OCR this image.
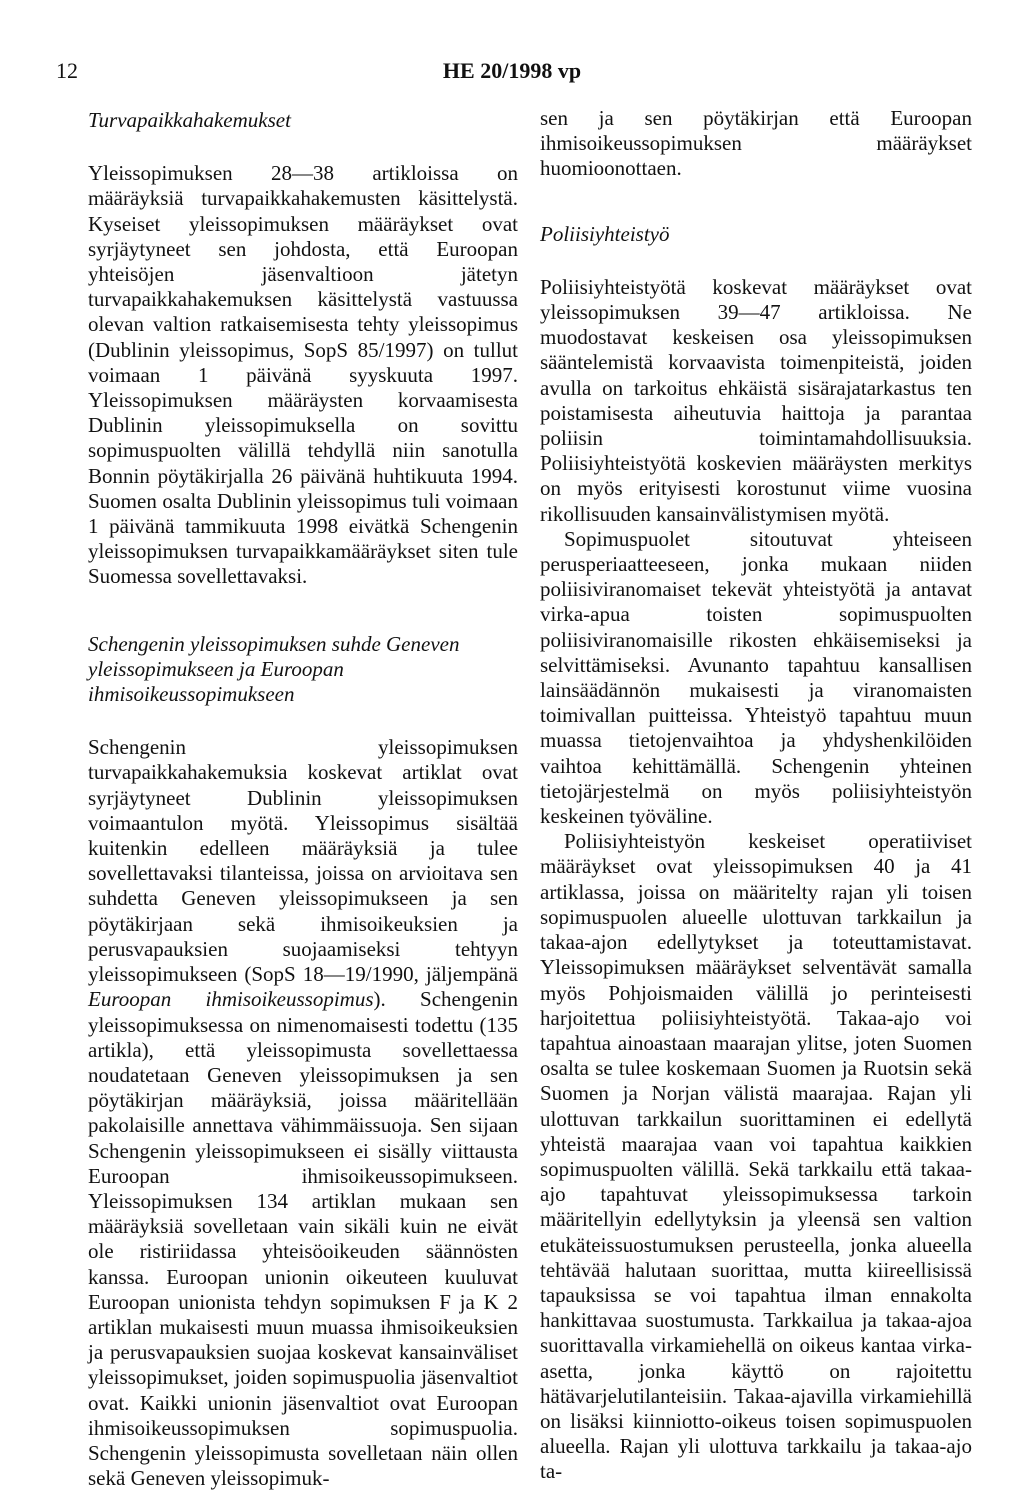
12	HE 20/1998 vp
Turvapaikkahakemukset

Yleissopimuksen 28—38 artikloissa on määräyksiä turvapaikkahakemusten käsittelystä. Kyseiset yleissopimuksen määräykset ovat syrjäytyneet sen johdosta, että Euroopan yhteisöjen jäsenvaltioon jätetyn turvapaikkahakemuksen käsittelystä vastuussa olevan valtion ratkaisemisesta tehty yleissopimus (Dublinin yleissopimus, SopS 85/1997) on tullut voimaan 1 päivänä syyskuuta 1997. Yleissopimuksen määräysten korvaamisesta Dublinin yleissopimuksella on sovittu sopimuspuolten välillä tehdyllä niin sanotulla Bonnin pöytäkirjalla 26 päivänä huhtikuuta 1994. Suomen osalta Dublinin yleissopimus tuli voimaan 1 päivänä tammikuuta 1998 eivätkä Schengenin yleissopimuksen turvapaikkamääräykset siten tule Suomessa sovellettavaksi.

Schengenin yleissopimuksen suhde Geneven yleissopimukseen ja Euroopan ihmisoikeussopimukseen

Schengenin yleissopimuksen turvapaikkahakemuksia koskevat artiklat ovat syrjäytyneet Dublinin yleissopimuksen voimaantulon myötä. Yleissopimus sisältää kuitenkin edelleen määräyksiä ja tulee sovellettavaksi tilanteissa, joissa on arvioitava sen suhdetta Geneven yleissopimukseen ja sen pöytäkirjaan sekä ihmisoikeuksien ja perusvapauksien suojaamiseksi tehtyyn yleissopimukseen (SopS 18—19/1990, jäljempänä Euroopan ihmisoikeussopimus). Schengenin yleissopimuksessa on nimenomaisesti todettu (135 artikla), että yleissopimusta sovellettaessa noudatetaan Geneven yleissopimuksen ja sen pöytäkirjan määräyksiä, joissa määritellään pakolaisille annettava vähimmäissuoja. Sen sijaan Schengenin yleissopimukseen ei sisälly viittausta Euroopan ihmisoikeussopimukseen. Yleissopimuksen 134 artiklan mukaan sen määräyksiä sovelletaan vain sikäli kuin ne eivät ole ristiriidassa yhteisöoikeuden säännösten kanssa. Euroopan unionin oikeuteen kuuluvat Euroopan unionista tehdyn sopimuksen F ja K 2 artiklan mukaisesti muun muassa ihmisoikeuksien ja perusvapauksien suojaa koskevat kansainväliset yleissopimukset, joiden sopimuspuolia jäsenvaltiot ovat. Kaikki unionin jäsenvaltiot ovat Euroopan ihmisoikeussopimuksen sopimuspuolia. Schengenin yleissopimusta sovelletaan näin ollen sekä Geneven yleissopimuk-

sen ja sen pöytäkirjan että Euroopan ihmisoikeussopimuksen määräykset huomioonottaen.

Poliisiyhteistyö

Poliisiyhteistyötä koskevat määräykset ovat yleissopimuksen 39—47 artikloissa. Ne muodostavat keskeisen osa yleissopimuksen sääntelemistä korvaavista toimenpiteistä, joiden avulla on tarkoitus ehkäistä sisärajatarkastus ten poistamisesta aiheutuvia haittoja ja parantaa poliisin toimintamahdollisuuksia. Poliisiyhteistyötä koskevien määräysten merkitys on myös erityisesti korostunut viime vuosina rikollisuuden kansainvälistymisen myötä.

Sopimuspuolet sitoutuvat yhteiseen perusperiaatteeseen, jonka mukaan niiden poliisiviranomaiset tekevät yhteistyötä ja antavat virka-apua toisten sopimuspuolten poliisiviranomaisille rikosten ehkäisemiseksi ja selvittämiseksi. Avunanto tapahtuu kansallisen lainsäädännön mukaisesti ja viranomaisten toimivallan puitteissa. Yhteistyö tapahtuu muun muassa tietojenvaihtoa ja yhdyshenkilöiden vaihtoa kehittämällä. Schengenin yhteinen tietojärjestelmä on myös poliisiyhteistyön keskeinen työväline.

Poliisiyhteistyön keskeiset operatiiviset määräykset ovat yleissopimuksen 40 ja 41 artiklassa, joissa on määritelty rajan yli toisen sopimuspuolen alueelle ulottuvan tarkkailun ja takaa-ajon edellytykset ja toteuttamistavat. Yleissopimuksen määräykset selventävät samalla myös Pohjoismaiden välillä jo perinteisesti harjoitettua poliisiyhteistyötä. Takaa-ajo voi tapahtua ainoastaan maarajan ylitse, joten Suomen osalta se tulee koskemaan Suomen ja Ruotsin sekä Suomen ja Norjan välistä maarajaa. Rajan yli ulottuvan tarkkailun suorittaminen ei edellytä yhteistä maarajaa vaan voi tapahtua kaikkien sopimuspuolten välillä. Sekä tarkkailu että takaa-ajo tapahtuvat yleissopimuksessa tarkoin määritellyin edellytyksin ja yleensä sen valtion etukäteissuostumuksen perusteella, jonka alueella tehtävää halutaan suorittaa, mutta kiireellisissä tapauksissa se voi tapahtua ilman ennakolta hankittavaa suostumusta. Tarkkailua ja takaa-ajoa suorittavalla virkamiehellä on oikeus kantaa virka-asetta, jonka käyttö on rajoitettu hätävarjelutilanteisiin. Takaa-ajavilla virkamiehillä on lisäksi kiinniotto-oikeus toisen sopimuspuolen alueella. Rajan yli ulottuva tarkkailu ja takaa-ajo ta-
